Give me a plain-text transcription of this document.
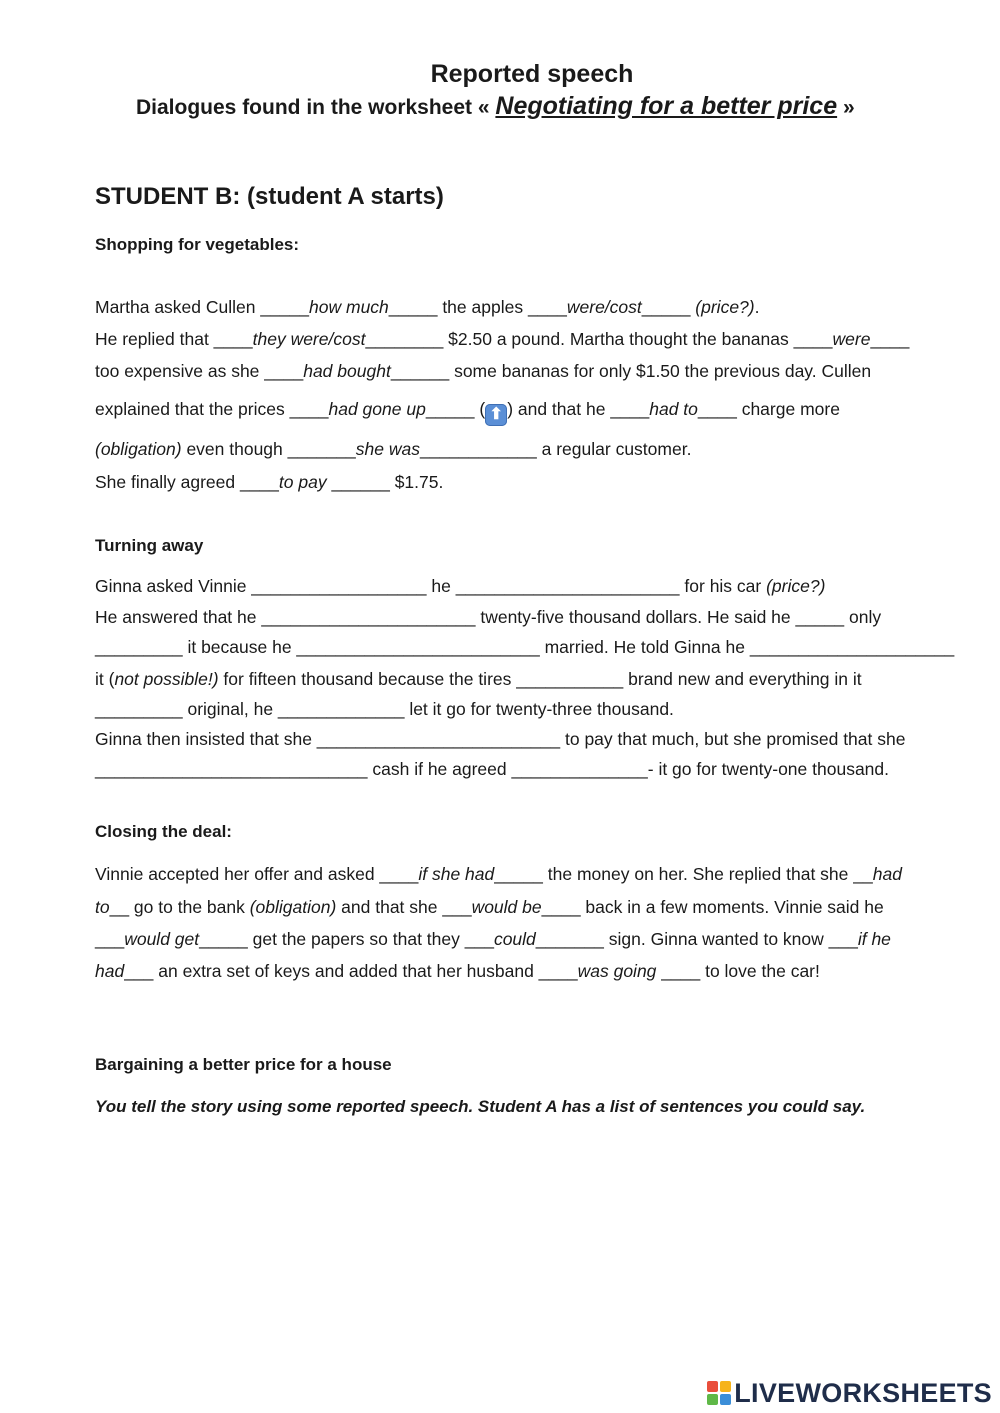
Reported speech
Dialogues found in the worksheet « Negotiating for a better price »
STUDENT B: (student A starts)
Shopping for vegetables:
Martha asked Cullen _____how much_____ the apples ____were/cost_____ (price?).
He replied that ____they were/cost________ $2.50 a pound. Martha thought the bananas ____were____
too expensive as she ____had bought______ some bananas for only $1.50 the previous day. Cullen
explained that the prices ____had gone up_____ ( ⬆ ) and that he ____had to____ charge more
(obligation) even though _______she was____________ a regular customer.
She finally agreed ____to pay ______ $1.75.
Turning away
Ginna asked Vinnie __________________ he _______________________ for his car (price?)
He answered that he ______________________ twenty-five thousand dollars. He said he _____ only
_________ it because he _________________________ married. He told Ginna he _____________________
it (not possible!) for fifteen thousand because the tires ___________ brand new and everything in it
_________ original, he _____________ let it go for twenty-three thousand.
Ginna then insisted that she _________________________ to pay that much, but she promised that she
____________________________ cash if he agreed ______________- it go for twenty-one thousand.
Closing the deal:
Vinnie accepted her offer and asked ____if she had_____ the money on her. She replied that she __had
to__ go to the bank (obligation) and that she ___would be____ back in a few moments. Vinnie said he
___would get_____ get the papers so that they ___could_______ sign. Ginna wanted to know ___if he
had___ an extra set of keys and added that her husband ____was going ____ to love the car!
Bargaining a better price for a house
You tell the story using some reported speech. Student A has a list of sentences you could say.
LIVEWORKSHEETS
